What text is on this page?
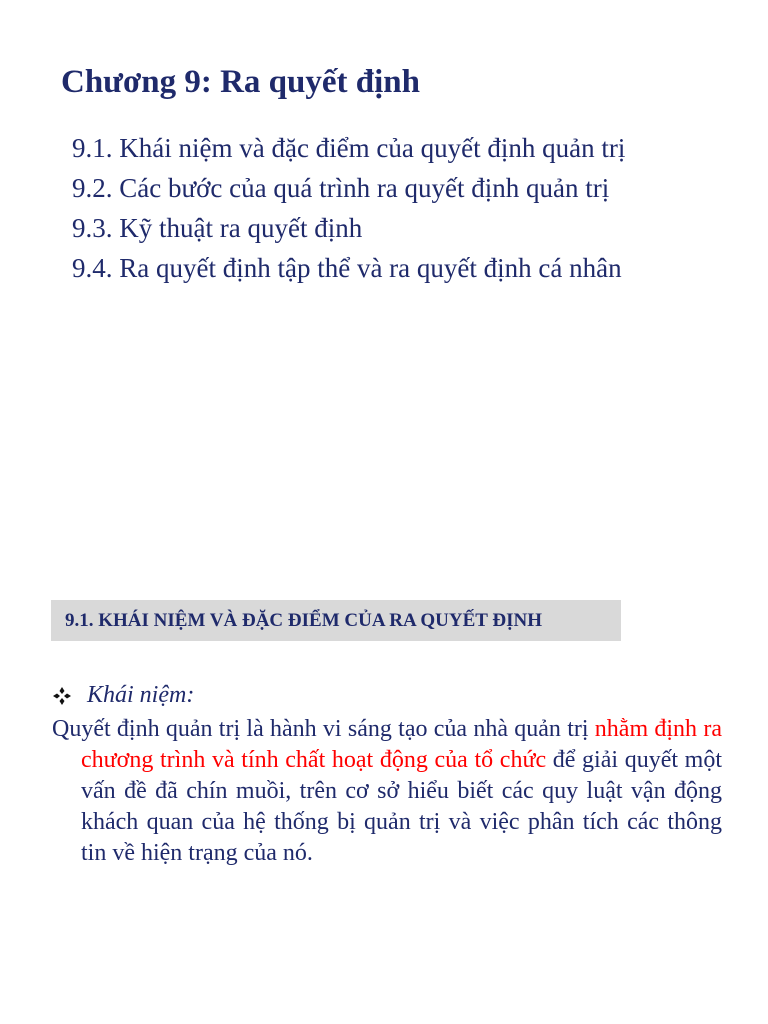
Chương 9: Ra quyết định
9.1. Khái niệm và đặc điểm của quyết định quản trị
9.2. Các bước của quá trình ra quyết định quản trị
9.3. Kỹ thuật ra quyết định
9.4. Ra quyết định tập thể và ra quyết định cá nhân
9.1. KHÁI NIỆM VÀ ĐẶC ĐIỂM CỦA RA QUYẾT ĐỊNH
Khái niệm:

Quyết định quản trị là hành vi sáng tạo của nhà quản trị nhằm định ra chương trình và tính chất hoạt động của tổ chức để giải quyết một vấn đề đã chín muồi, trên cơ sở hiểu biết các quy luật vận động khách quan của hệ thống bị quản trị và việc phân tích các thông tin về hiện trạng của nó.
